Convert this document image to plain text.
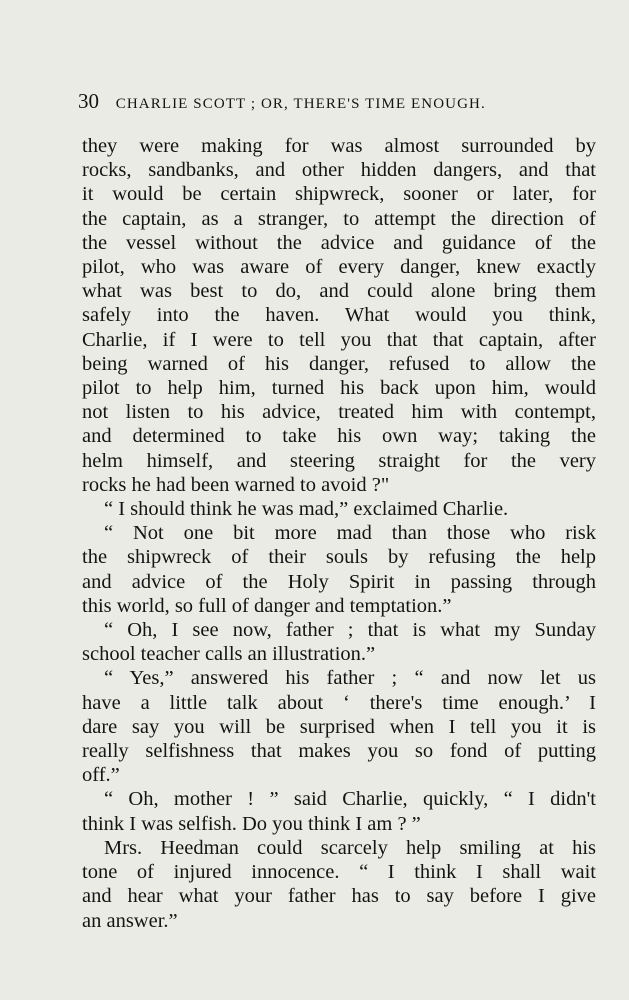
30 CHARLIE SCOTT ; OR, THERE'S TIME ENOUGH.
they were making for was almost surrounded by
rocks, sandbanks, and other hidden dangers, and that
it would be certain shipwreck, sooner or later, for
the captain, as a stranger, to attempt the direction of
the vessel without the advice and guidance of the
pilot, who was aware of every danger, knew exactly
what was best to do, and could alone bring them
safely into the haven. What would you think,
Charlie, if I were to tell you that that captain, after
being warned of his danger, refused to allow the
pilot to help him, turned his back upon him, would
not listen to his advice, treated him with contempt,
and determined to take his own way; taking the
helm himself, and steering straight for the very
rocks he had been warned to avoid ?"
“ I should think he was mad,” exclaimed Charlie.
“ Not one bit more mad than those who risk
the shipwreck of their souls by refusing the help
and advice of the Holy Spirit in passing through
this world, so full of danger and temptation.”
“ Oh, I see now, father ; that is what my Sunday
school teacher calls an illustration.”
“ Yes,” answered his father ; “ and now let us
have a little talk about ‘ there's time enough.’ I
dare say you will be surprised when I tell you it is
really selfishness that makes you so fond of putting
off.”
“ Oh, mother ! ” said Charlie, quickly, “ I didn't
think I was selfish. Do you think I am ? ”
Mrs. Heedman could scarcely help smiling at his
tone of injured innocence. “ I think I shall wait
and hear what your father has to say before I give
an answer.”
